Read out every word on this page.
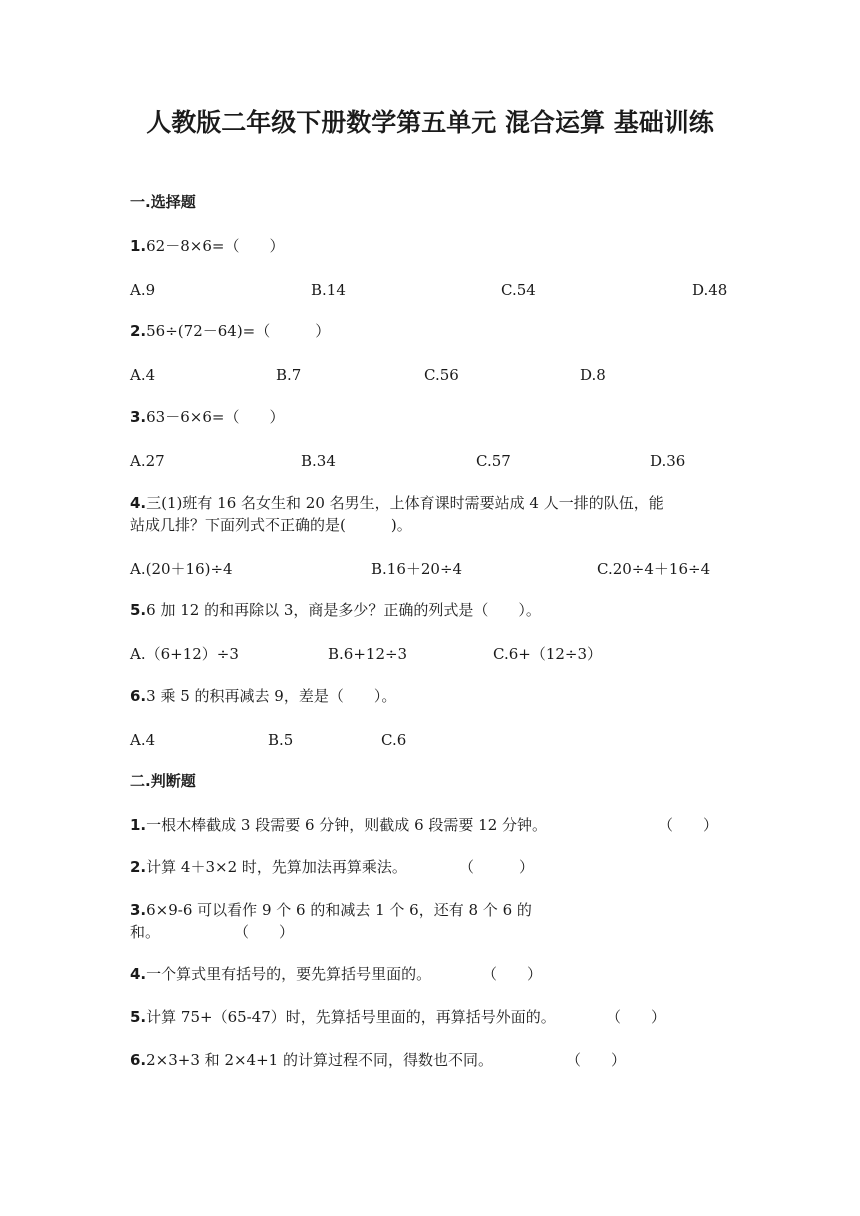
人教版二年级下册数学第五单元 混合运算 基础训练
一.选择题
1.62－8×6=（　　）
A.9	B.14	C.54	D.48
2.56÷(72－64)=（　　　）
A.4	B.7	C.56	D.8
3.63－6×6=（　　）
A.27	B.34	C.57	D.36
4.三(1)班有 16 名女生和 20 名男生，上体育课时需要站成 4 人一排的队伍，能
站成几排？下面列式不正确的是(　　　)。
A.(20＋16)÷4	B.16＋20÷4	C.20÷4＋16÷4
5.6 加 12 的和再除以 3，商是多少？正确的列式是（　　）。
A.（6+12）÷3	B.6+12÷3	C.6+（12÷3）
6.3 乘 5 的积再减去 9，差是（　　）。
A.4	B.5	C.6
二.判断题
1.一根木棒截成 3 段需要 6 分钟，则截成 6 段需要 12 分钟。	（　　）
2.计算 4＋3×2 时，先算加法再算乘法。	（　　　）
3.6×9-6 可以看作 9 个 6 的和减去 1 个 6，还有 8 个 6 的
和。	（　　）
4.一个算式里有括号的，要先算括号里面的。	（　　）
5.计算 75+（65-47）时，先算括号里面的，再算括号外面的。	（　　）
6.2×3+3 和 2×4+1 的计算过程不同，得数也不同。	（　　）
